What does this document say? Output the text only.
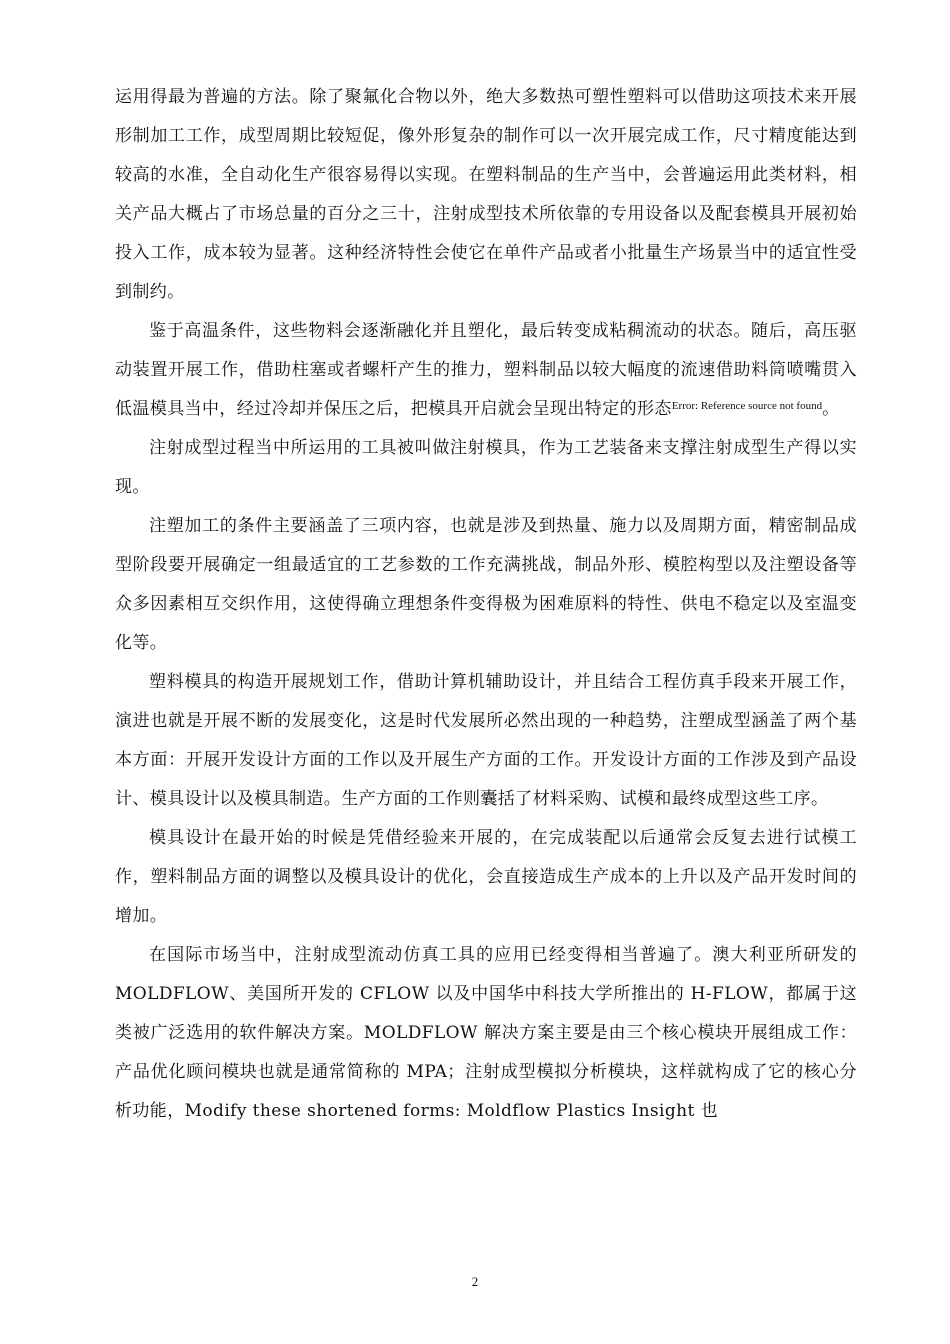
运用得最为普遍的方法。除了聚氟化合物以外，绝大多数热可塑性塑料可以借助这项技术来开展形制加工工作，成型周期比较短促，像外形复杂的制作可以一次开展完成工作，尺寸精度能达到较高的水准，全自动化生产很容易得以实现。在塑料制品的生产当中，会普遍运用此类材料，相关产品大概占了市场总量的百分之三十，注射成型技术所依靠的专用设备以及配套模具开展初始投入工作，成本较为显著。这种经济特性会使它在单件产品或者小批量生产场景当中的适宜性受到制约。

鉴于高温条件，这些物料会逐渐融化并且塑化，最后转变成粘稠流动的状态。随后，高压驱动装置开展工作，借助柱塞或者螺杆产生的推力，塑料制品以较大幅度的流速借助料筒喷嘴贯入低温模具当中，经过冷却并保压之后，把模具开启就会呈现出特定的形态$^{Error: Reference source not found}$。

注射成型过程当中所运用的工具被叫做注射模具，作为工艺装备来支撑注射成型生产得以实现。

注塑加工的条件主要涵盖了三项内容，也就是涉及到热量、施力以及周期方面，精密制品成型阶段要开展确定一组最适宜的工艺参数的工作充满挑战，制品外形、模腔构型以及注塑设备等众多因素相互交织作用，这使得确立理想条件变得极为困难原料的特性、供电不稳定以及室温变化等。

塑料模具的构造开展规划工作，借助计算机辅助设计，并且结合工程仿真手段来开展工作，演进也就是开展不断的发展变化，这是时代发展所必然出现的一种趋势，注塑成型涵盖了两个基本方面：开展开发设计方面的工作以及开展生产方面的工作。开发设计方面的工作涉及到产品设计、模具设计以及模具制造。生产方面的工作则囊括了材料采购、试模和最终成型这些工序。

模具设计在最开始的时候是凭借经验来开展的，在完成装配以后通常会反复去进行试模工作，塑料制品方面的调整以及模具设计的优化，会直接造成生产成本的上升以及产品开发时间的增加。

在国际市场当中，注射成型流动仿真工具的应用已经变得相当普遍了。澳大利亚所研发的 MOLDFLOW、美国所开发的 CFLOW 以及中国华中科技大学所推出的 H-FLOW，都属于这类被广泛选用的软件解决方案。MOLDFLOW 解决方案主要是由三个核心模块开展组成工作：产品优化顾问模块也就是通常简称的 MPA；注射成型模拟分析模块，这样就构成了它的核心分析功能，Modify these shortened forms: Moldflow Plastics Insight 也

2
